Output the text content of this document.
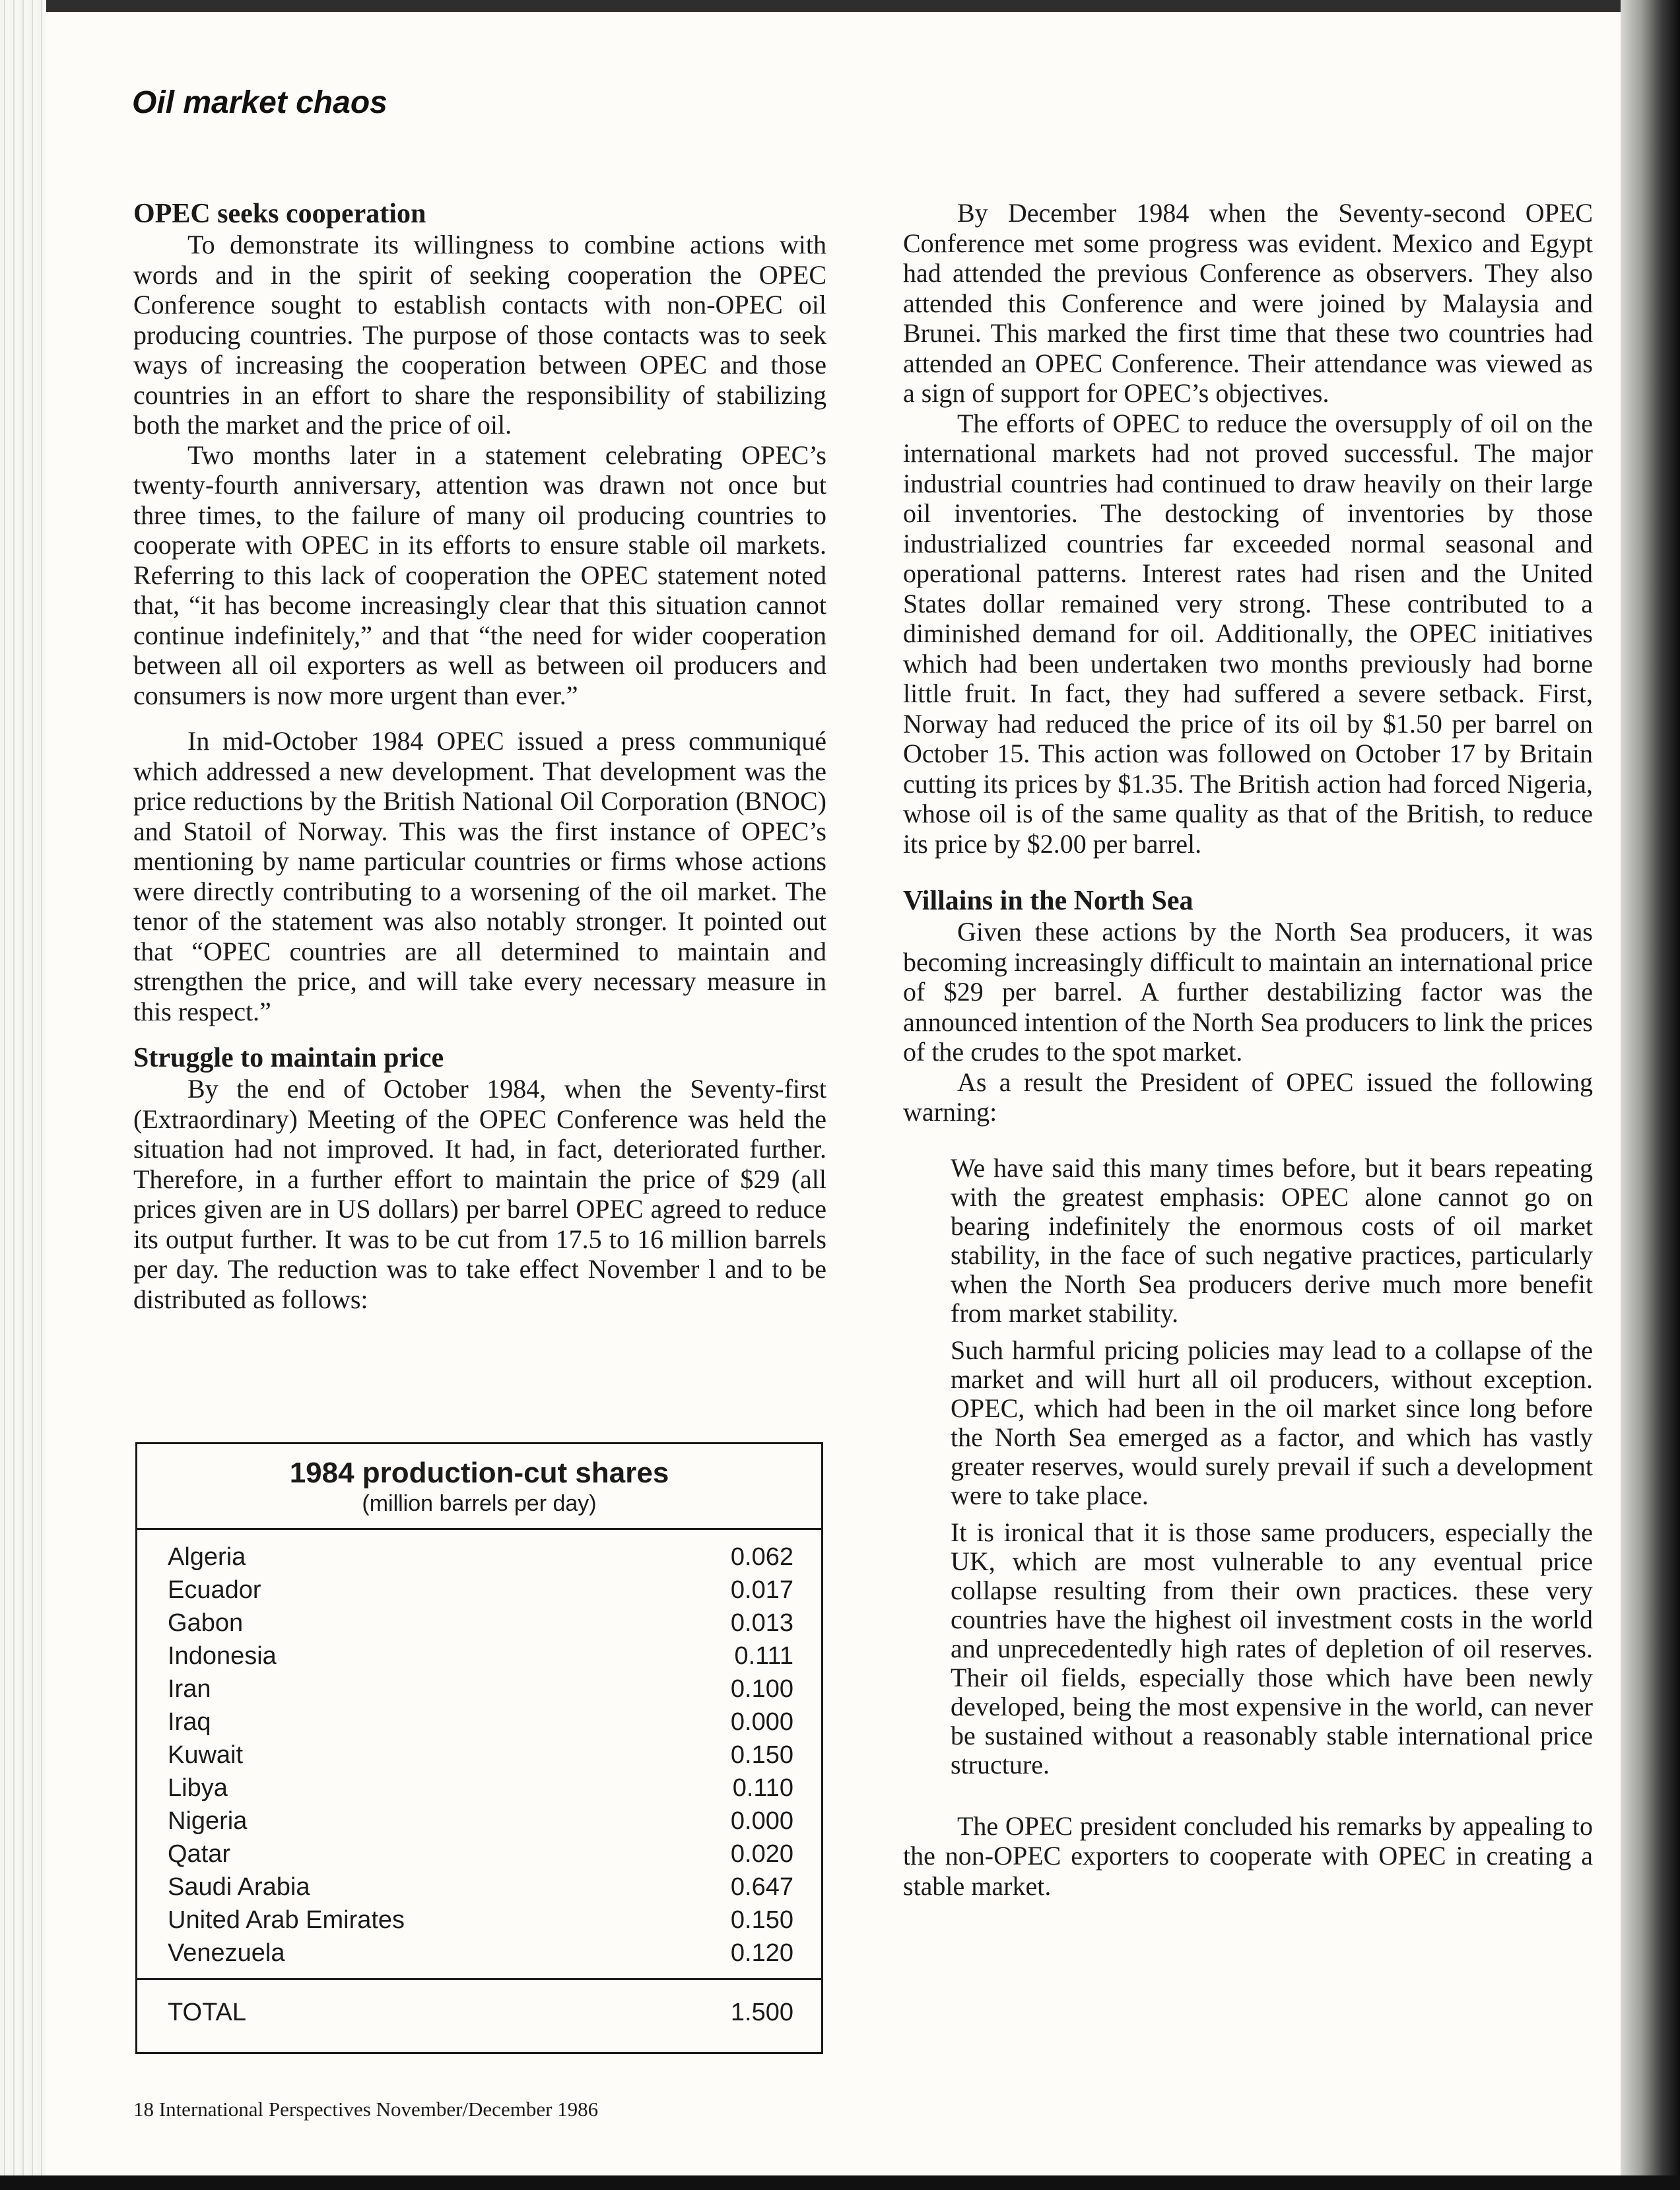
Oil market chaos
OPEC seeks cooperation

To demonstrate its willingness to combine actions with words and in the spirit of seeking cooperation the OPEC Conference sought to establish contacts with non-OPEC oil producing countries. The purpose of those contacts was to seek ways of increasing the cooperation between OPEC and those countries in an effort to share the responsibility of stabilizing both the market and the price of oil.

Two months later in a statement celebrating OPEC’s twenty-fourth anniversary, attention was drawn not once but three times, to the failure of many oil producing countries to cooperate with OPEC in its efforts to ensure stable oil markets. Referring to this lack of cooperation the OPEC statement noted that, “it has become increasingly clear that this situation cannot continue indefinitely,” and that “the need for wider cooperation between all oil exporters as well as between oil producers and consumers is now more urgent than ever.”

In mid-October 1984 OPEC issued a press communiqué which addressed a new development. That development was the price reductions by the British National Oil Corporation (BNOC) and Statoil of Norway. This was the first instance of OPEC’s mentioning by name particular countries or firms whose actions were directly contributing to a worsening of the oil market. The tenor of the statement was also notably stronger. It pointed out that “OPEC countries are all determined to maintain and strengthen the price, and will take every necessary measure in this respect.”

Struggle to maintain price

By the end of October 1984, when the Seventy-first (Extraordinary) Meeting of the OPEC Conference was held the situation had not improved. It had, in fact, deteriorated further. Therefore, in a further effort to maintain the price of $29 (all prices given are in US dollars) per barrel OPEC agreed to reduce its output further. It was to be cut from 17.5 to 16 million barrels per day. The reduction was to take effect November l and to be distributed as follows:

1984 production-cut shares
(million barrels per day)
Algeria	0.062
Ecuador	0.017
Gabon	0.013
Indonesia	0.111
Iran	0.100
Iraq	0.000
Kuwait	0.150
Libya	0.110
Nigeria	0.000
Qatar	0.020
Saudi Arabia	0.647
United Arab Emirates	0.150
Venezuela	0.120
TOTAL	1.500

By December 1984 when the Seventy-second OPEC Conference met some progress was evident. Mexico and Egypt had attended the previous Conference as observers. They also attended this Conference and were joined by Malaysia and Brunei. This marked the first time that these two countries had attended an OPEC Conference. Their attendance was viewed as a sign of support for OPEC’s objectives.

The efforts of OPEC to reduce the oversupply of oil on the international markets had not proved successful. The major industrial countries had continued to draw heavily on their large oil inventories. The destocking of inventories by those industrialized countries far exceeded normal seasonal and operational patterns. Interest rates had risen and the United States dollar remained very strong. These contributed to a diminished demand for oil. Additionally, the OPEC initiatives which had been undertaken two months previously had borne little fruit. In fact, they had suffered a severe setback. First, Norway had reduced the price of its oil by $1.50 per barrel on October 15. This action was followed on October 17 by Britain cutting its prices by $1.35. The British action had forced Nigeria, whose oil is of the same quality as that of the British, to reduce its price by $2.00 per barrel.

Villains in the North Sea

Given these actions by the North Sea producers, it was becoming increasingly difficult to maintain an international price of $29 per barrel. A further destabilizing factor was the announced intention of the North Sea producers to link the prices of the crudes to the spot market.

As a result the President of OPEC issued the following warning:

We have said this many times before, but it bears repeating with the greatest emphasis: OPEC alone cannot go on bearing indefinitely the enormous costs of oil market stability, in the face of such negative practices, particularly when the North Sea producers derive much more benefit from market stability.

Such harmful pricing policies may lead to a collapse of the market and will hurt all oil producers, without exception. OPEC, which had been in the oil market since long before the North Sea emerged as a factor, and which has vastly greater reserves, would surely prevail if such a development were to take place.

It is ironical that it is those same producers, especially the UK, which are most vulnerable to any eventual price collapse resulting from their own practices. these very countries have the highest oil investment costs in the world and unprecedentedly high rates of depletion of oil reserves. Their oil fields, especially those which have been newly developed, being the most expensive in the world, can never be sustained without a reasonably stable international price structure.

The OPEC president concluded his remarks by appealing to the non-OPEC exporters to cooperate with OPEC in creating a stable market.

18 International Perspectives November/December 1986
